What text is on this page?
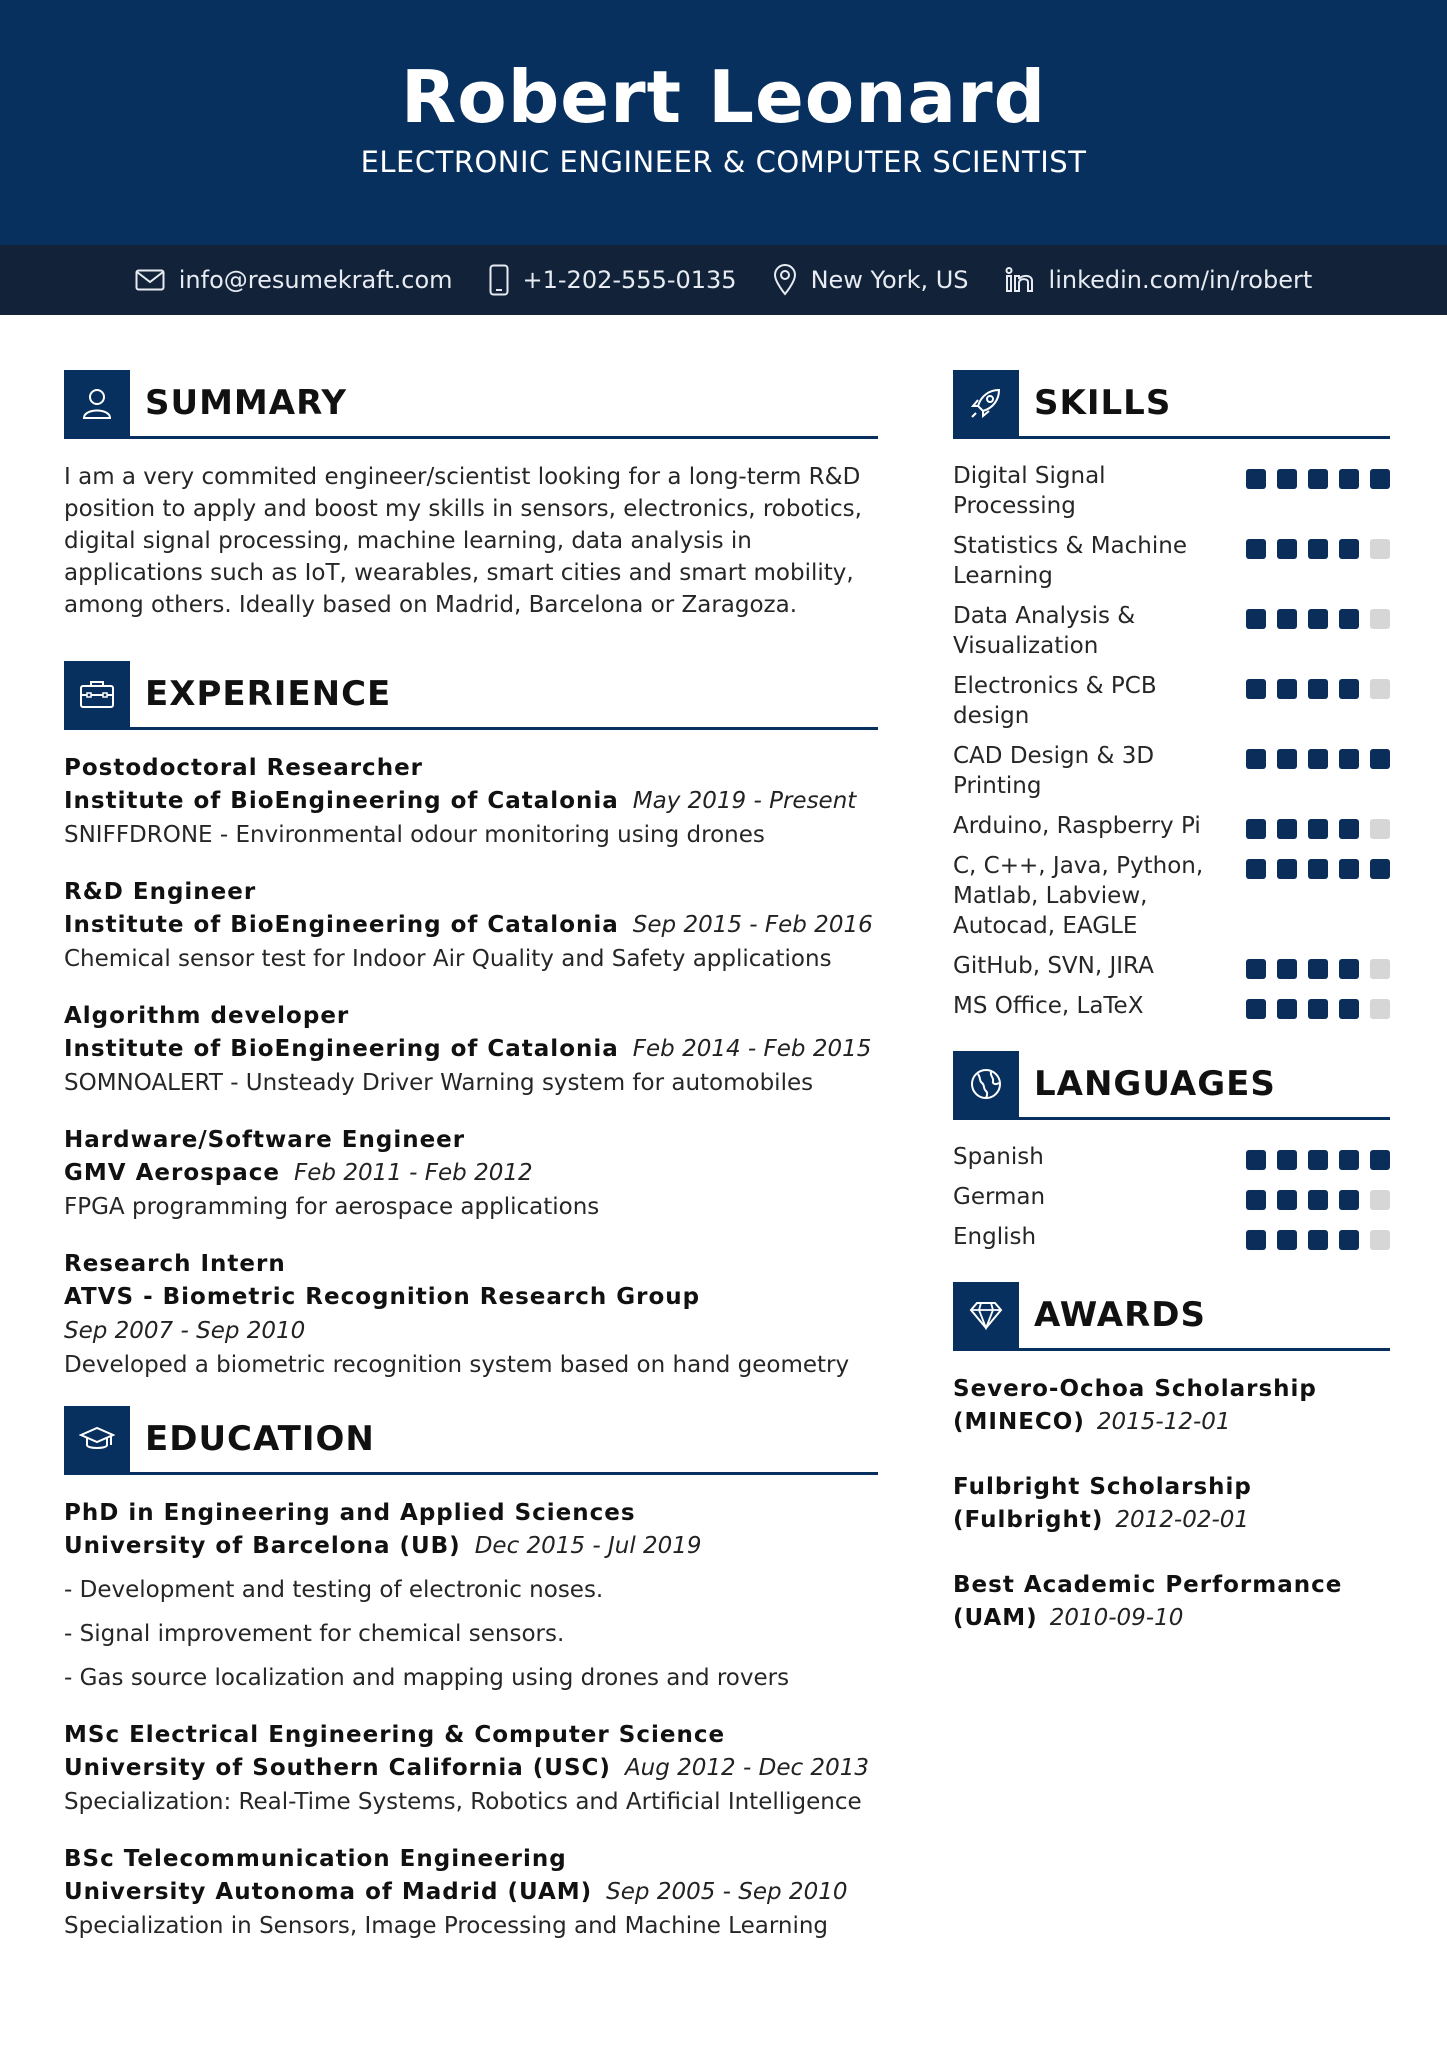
Robert Leonard
ELECTRONIC ENGINEER & COMPUTER SCIENTIST
info@resumekraft.com	+1-202-555-0135	New York, US	linkedin.com/in/robert
SUMMARY
I am a very commited engineer/scientist looking for a long-term R&D position to apply and boost my skills in sensors, electronics, robotics, digital signal processing, machine learning, data analysis in applications such as IoT, wearables, smart cities and smart mobility, among others. Ideally based on Madrid, Barcelona or Zaragoza.
EXPERIENCE
Postodoctoral Researcher
Institute of BioEngineering of Catalonia May 2019 - Present
SNIFFDRONE - Environmental odour monitoring using drones
R&D Engineer
Institute of BioEngineering of Catalonia Sep 2015 - Feb 2016
Chemical sensor test for Indoor Air Quality and Safety applications
Algorithm developer
Institute of BioEngineering of Catalonia Feb 2014 - Feb 2015
SOMNOALERT - Unsteady Driver Warning system for automobiles
Hardware/Software Engineer
GMV Aerospace Feb 2011 - Feb 2012
FPGA programming for aerospace applications
Research Intern
ATVS - Biometric Recognition Research Group
Sep 2007 - Sep 2010
Developed a biometric recognition system based on hand geometry
EDUCATION
PhD in Engineering and Applied Sciences
University of Barcelona (UB) Dec 2015 - Jul 2019
- Development and testing of electronic noses.
- Signal improvement for chemical sensors.
- Gas source localization and mapping using drones and rovers
MSc Electrical Engineering & Computer Science
University of Southern California (USC) Aug 2012 - Dec 2013
Specialization: Real-Time Systems, Robotics and Artificial Intelligence
BSc Telecommunication Engineering
University Autonoma of Madrid (UAM) Sep 2005 - Sep 2010
Specialization in Sensors, Image Processing and Machine Learning
SKILLS
Digital Signal Processing
Statistics & Machine Learning
Data Analysis & Visualization
Electronics & PCB design
CAD Design & 3D Printing
Arduino, Raspberry Pi
C, C++, Java, Python, Matlab, Labview, Autocad, EAGLE
GitHub, SVN, JIRA
MS Office, LaTeX
LANGUAGES
Spanish
German
English
AWARDS
Severo-Ochoa Scholarship
(MINECO) 2015-12-01
Fulbright Scholarship
(Fulbright) 2012-02-01
Best Academic Performance
(UAM) 2010-09-10
